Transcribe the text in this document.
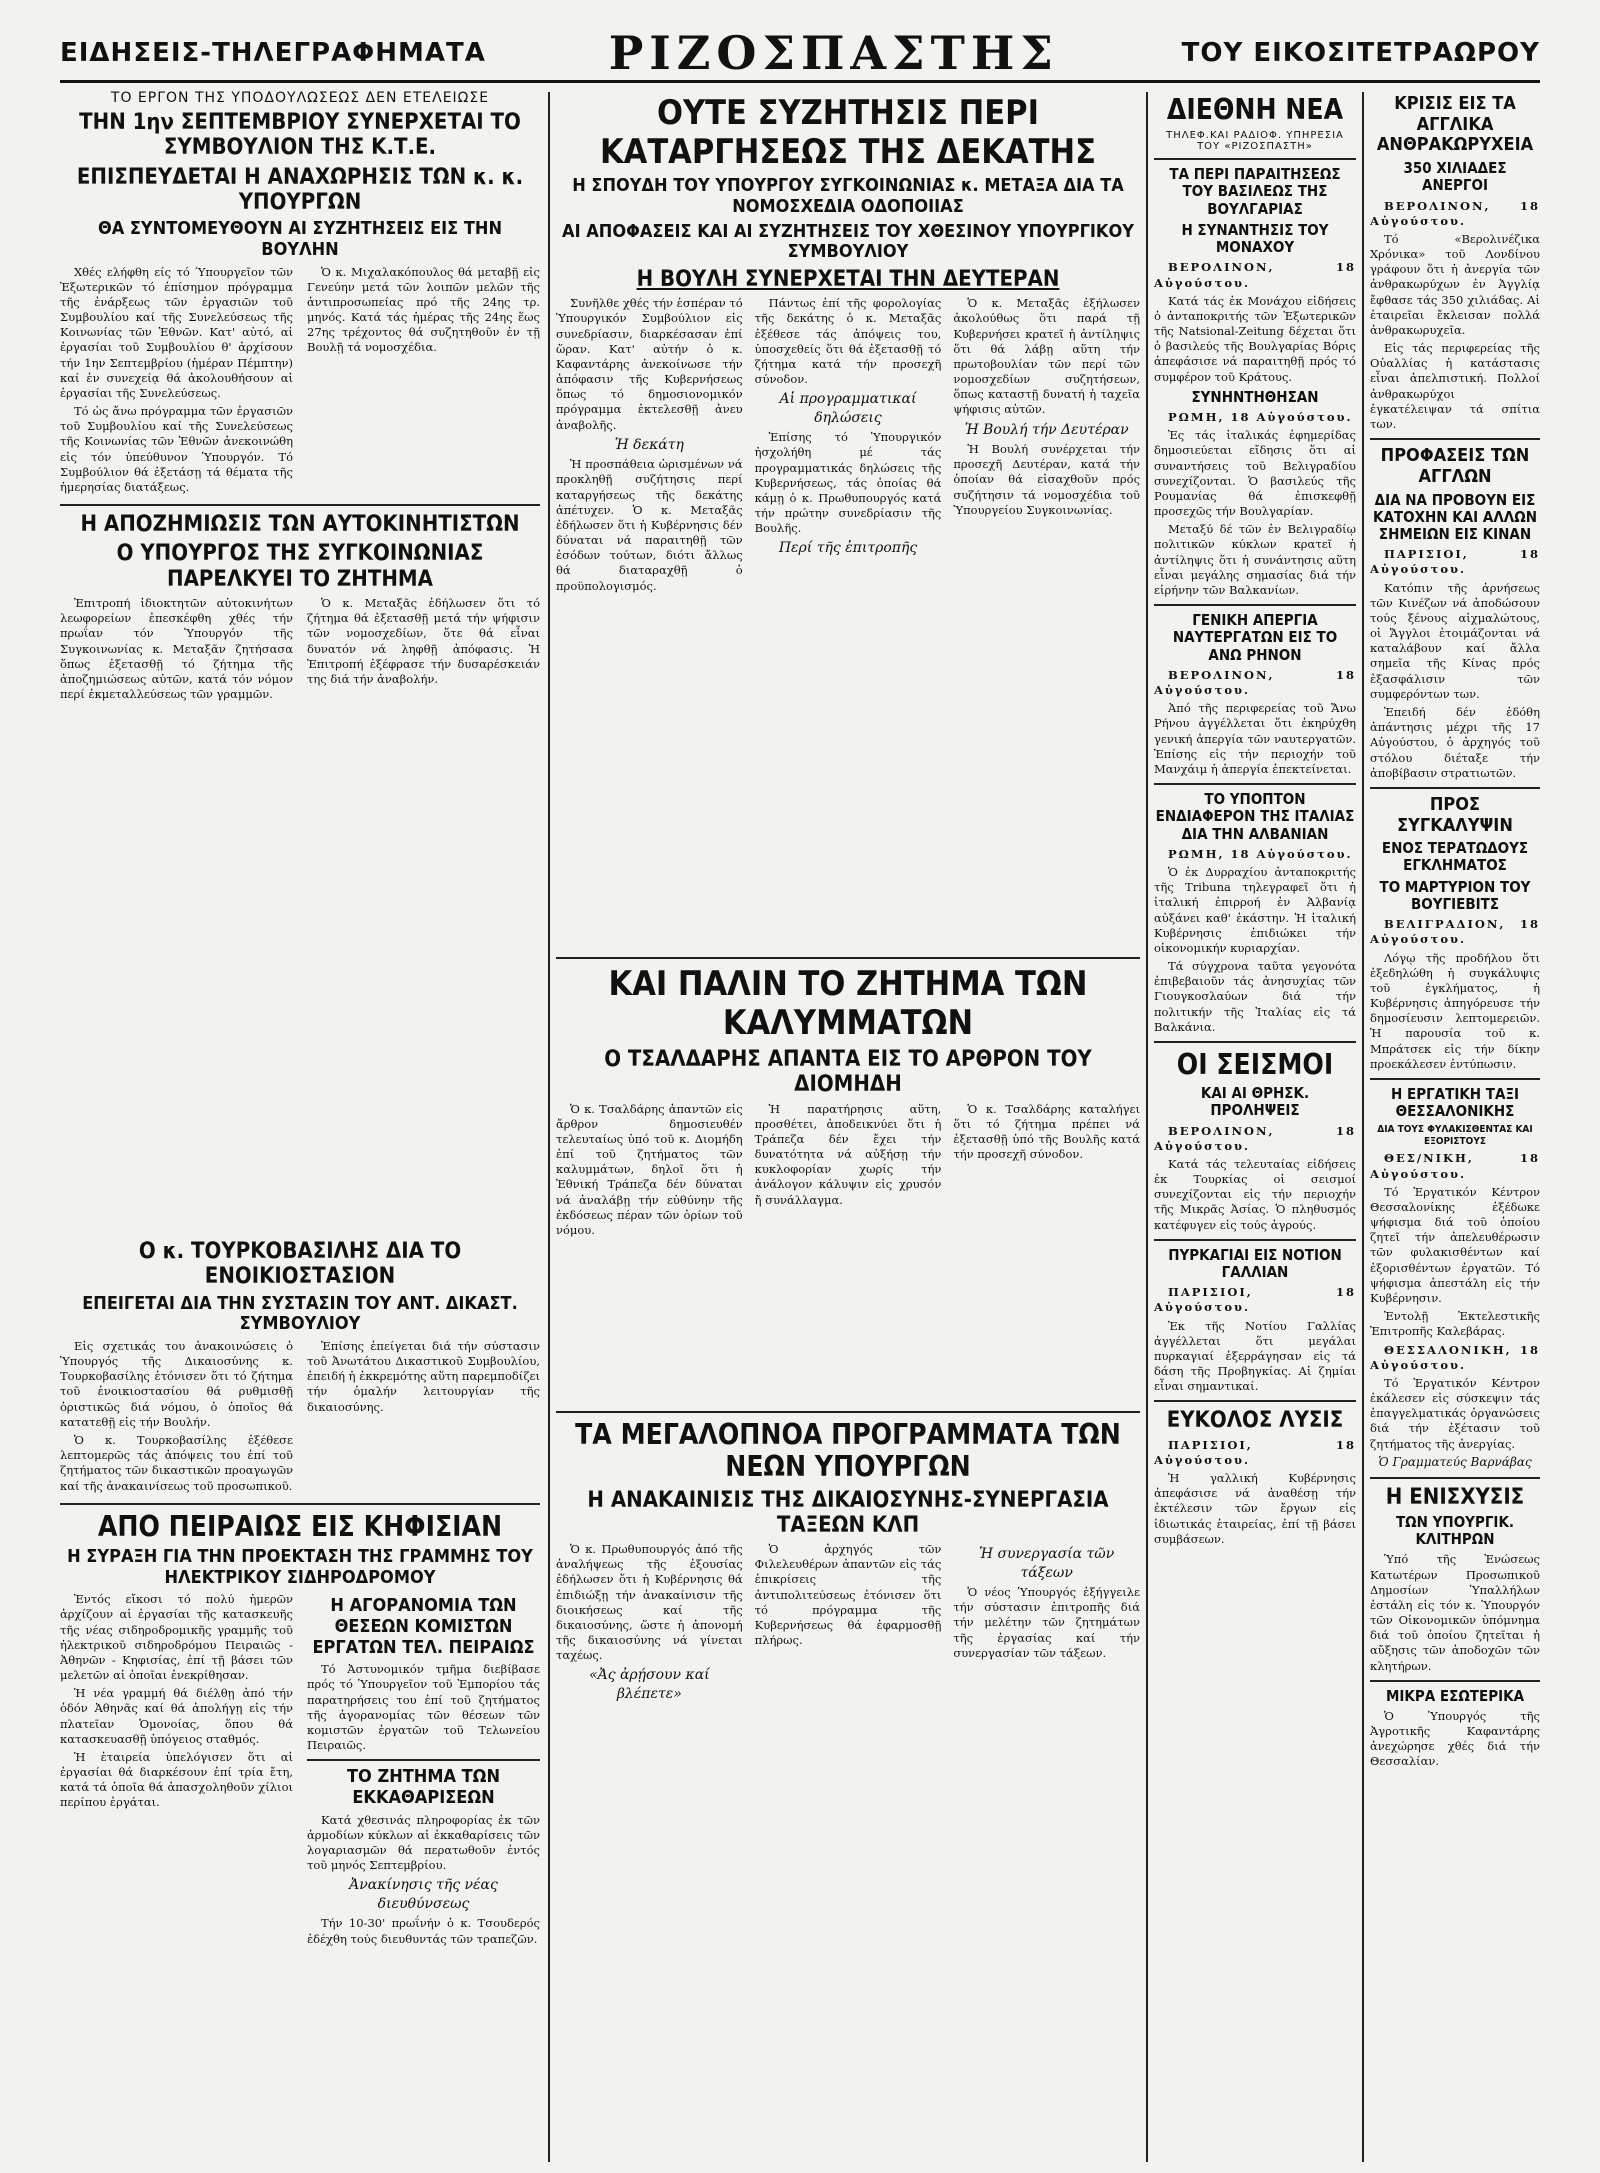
ΕΙΔΗΣΕΙΣ-ΤΗΛΕΓΡΑΦΗΜΑΤΑ	ΡΙΖΟΣΠΑΣΤΗΣ	ΤΟΥ ΕΙΚΟΣΙΤΕΤΡΑΩΡΟΥ
ΤΟ ΕΡΓΟΝ ΤΗΣ ΥΠΟΔΟΥΛΩΣΕΩΣ ΔΕΝ ΕΤΕΛΕΙΩΣΕ
ΤΗΝ 1ην ΣΕΠΤΕΜΒΡΙΟΥ ΣΥΝΕΡΧΕΤΑΙ ΤΟ ΣΥΜΒΟΥΛΙΟΝ ΤΗΣ Κ.Τ.Ε.
ΕΠΙΣΠΕΥΔΕΤΑΙ Η ΑΝΑΧΩΡΗΣΙΣ ΤΩΝ κ. κ. ΥΠΟΥΡΓΩΝ
ΘΑ ΣΥΝΤΟΜΕΥΘΟΥΝ ΑΙ ΣΥΖΗΤΗΣΕΙΣ ΕΙΣ ΤΗΝ ΒΟΥΛΗΝ

Χθές ελήφθη είς τό Ύπουργεῖον τῶν Ἐξωτερικῶν τό ἐπίσημον πρόγραμμα τῆς ἐνάρξεως τῶν ἐργασιῶν τοῦ Συμβουλίου καί τῆς Συνελεύσεως τῆς Κοινωνίας τῶν Ἐθνῶν. Κατ' αὐτό, αἱ ἐργασίαι τοῦ Συμβουλίου θ' ἀρχίσουν τήν 1ην Σεπτεμβρίου (ἡμέραν Πέμπτην) καί ἐν συνεχείᾳ θά ἀκολουθήσουν αἱ ἐργασίαι τῆς Συνελεύσεως.

Τό ὡς ἄνω πρόγραμμα τῶν ἐργασιῶν τοῦ Συμβουλίου καί τῆς Συνελεύσεως τῆς Κοινωνίας τῶν Ἐθνῶν ἀνεκοινώθη εἰς τόν ὑπεύθυνον Ὑπουργόν. Τό Συμβούλιον θά ἐξετάσῃ τά θέματα τῆς ἡμερησίας διατάξεως.

Ὁ κ. Μιχαλακόπουλος θά μεταβῇ εἰς Γενεύην μετά τῶν λοιπῶν μελῶν τῆς ἀντιπροσωπείας πρό τῆς 24ης τρ. μηνός. Κατά τάς ἡμέρας τῆς 24ης ἕως 27ης τρέχοντος θά συζητηθοῦν ἐν τῇ Βουλῇ τά νομοσχέδια.

Η ΑΠΟΖΗΜΙΩΣΙΣ ΤΩΝ ΑΥΤΟΚΙΝΗΤΙΣΤΩΝ
Ο ΥΠΟΥΡΓΟΣ ΤΗΣ ΣΥΓΚΟΙΝΩΝΙΑΣ ΠΑΡΕΛΚΥΕΙ ΤΟ ΖΗΤΗΜΑ

Ἐπιτροπή ἰδιοκτητῶν αὐτοκινήτων λεωφορείων ἐπεσκέφθη χθές τήν πρωΐαν τόν Ὑπουργόν τῆς Συγκοινωνίας κ. Μεταξᾶν ζητήσασα ὅπως ἐξετασθῇ τό ζήτημα τῆς ἀποζημιώσεως αὐτῶν, κατά τόν νόμον περί ἐκμεταλλεύσεως τῶν γραμμῶν.

Ὁ κ. Μεταξᾶς ἐδήλωσεν ὅτι τό ζήτημα θά ἐξετασθῇ μετά τήν ψήφισιν τῶν νομοσχεδίων, ὅτε θά εἶναι δυνατόν νά ληφθῇ ἀπόφασις. Ἡ Ἐπιτροπή ἐξέφρασε τήν δυσαρέσκειάν της διά τήν ἀναβολήν.

Ο κ. ΤΟΥΡΚΟΒΑΣΙΛΗΣ ΔΙΑ ΤΟ ΕΝΟΙΚΙΟΣΤΑΣΙΟΝ
ΕΠΕΙΓΕΤΑΙ ΔΙΑ ΤΗΝ ΣΥΣΤΑΣΙΝ ΤΟΥ ΑΝΤ. ΔΙΚΑΣΤ. ΣΥΜΒΟΥΛΙΟΥ

Εἰς σχετικάς του ἀνακοινώσεις ὁ Ὑπουργός τῆς Δικαιοσύνης κ. Τουρκοβασίλης ἐτόνισεν ὅτι τό ζήτημα τοῦ ἐνοικιοστασίου θά ρυθμισθῇ ὁριστικῶς διά νόμου, ὁ ὁποῖος θά κατατεθῇ εἰς τήν Βουλήν.

Ὁ κ. Τουρκοβασίλης ἐξέθεσε λεπτομερῶς τάς ἀπόψεις του ἐπί τοῦ ζητήματος τῶν δικαστικῶν προαγωγῶν καί τῆς ἀνακαινίσεως τοῦ προσωπικοῦ.

Ἐπίσης ἐπείγεται διά τήν σύστασιν τοῦ Ἀνωτάτου Δικαστικοῦ Συμβουλίου, ἐπειδή ἡ ἐκκρεμότης αὕτη παρεμποδίζει τήν ὁμαλήν λειτουργίαν τῆς δικαιοσύνης.

ΑΠΟ ΠΕΙΡΑΙΩΣ ΕΙΣ ΚΗΦΙΣΙΑΝ
Η ΣΥΡΑΞΗ ΓΙΑ ΤΗΝ ΠΡΟΕΚΤΑΣΗ ΤΗΣ ΓΡΑΜΜΗΣ ΤΟΥ ΗΛΕΚΤΡΙΚΟΥ ΣΙΔΗΡΟΔΡΟΜΟΥ

Ἐντός εἴκοσι τό πολύ ἡμερῶν ἀρχίζουν αἱ ἐργασίαι τῆς κατασκευῆς τῆς νέας σιδηροδρομικῆς γραμμῆς τοῦ ἠλεκτρικοῦ σιδηροδρόμου Πειραιῶς - Ἀθηνῶν - Κηφισίας, ἐπί τῇ βάσει τῶν μελετῶν αἱ ὁποῖαι ἐνεκρίθησαν.

Ἡ νέα γραμμή θά διέλθῃ ἀπό τήν ὁδόν Ἀθηνᾶς καί θά ἀπολήγῃ εἰς τήν πλατεῖαν Ὁμονοίας, ὅπου θά κατασκευασθῇ ὑπόγειος σταθμός.

Ἡ ἑταιρεία ὑπελόγισεν ὅτι αἱ ἐργασίαι θά διαρκέσουν ἐπί τρία ἔτη, κατά τά ὁποῖα θά ἀπασχοληθοῦν χίλιοι περίπου ἐργάται.

Η ΑΓΟΡΑΝΟΜΙΑ ΤΩΝ ΘΕΣΕΩΝ ΚΟΜΙΣΤΩΝ ΕΡΓΑΤΩΝ ΤΕΛ. ΠΕΙΡΑΙΩΣ

Τό Ἀστυνομικόν τμῆμα διεβίβασε πρός τό Ὑπουργεῖον τοῦ Ἐμπορίου τάς παρατηρήσεις του ἐπί τοῦ ζητήματος τῆς ἀγορανομίας τῶν θέσεων τῶν κομιστῶν ἐργατῶν τοῦ Τελωνείου Πειραιῶς.

ΤΟ ΖΗΤΗΜΑ ΤΩΝ ΕΚΚΑΘΑΡΙΣΕΩΝ

Κατά χθεσινάς πληροφορίας ἐκ τῶν ἁρμοδίων κύκλων αἱ ἐκκαθαρίσεις τῶν λογαριασμῶν θά περατωθοῦν ἐντός τοῦ μηνός Σεπτεμβρίου.

Ἀνακίνησις τῆς νέας διευθύνσεως

Τήν 10-30' πρωΐνήν ὁ κ. Τσουδερός ἐδέχθη τούς διευθυντάς τῶν τραπεζῶν.

ΟΥΤΕ ΣΥΖΗΤΗΣΙΣ ΠΕΡΙ ΚΑΤΑΡΓΗΣΕΩΣ ΤΗΣ ΔΕΚΑΤΗΣ
Η ΣΠΟΥΔΗ ΤΟΥ ΥΠΟΥΡΓΟΥ ΣΥΓΚΟΙΝΩΝΙΑΣ κ. ΜΕΤΑΞΑ ΔΙΑ ΤΑ ΝΟΜΟΣΧΕΔΙΑ ΟΔΟΠΟΙΙΑΣ
ΑΙ ΑΠΟΦΑΣΕΙΣ ΚΑΙ ΑΙ ΣΥΖΗΤΗΣΕΙΣ ΤΟΥ ΧΘΕΣΙΝΟΥ ΥΠΟΥΡΓΙΚΟΥ ΣΥΜΒΟΥΛΙΟΥ
Η ΒΟΥΛΗ ΣΥΝΕΡΧΕΤΑΙ ΤΗΝ ΔΕΥΤΕΡΑΝ

Συνῆλθε χθές τήν ἑσπέραν τό Ὑπουργικόν Συμβούλιον εἰς συνεδρίασιν, διαρκέσασαν ἐπί ὥραν. Κατ' αὐτήν ὁ κ. Καφαντάρης ἀνεκοίνωσε τήν ἀπόφασιν τῆς Κυβερνήσεως ὅπως τό δημοσιονομικόν πρόγραμμα ἐκτελεσθῇ ἀνευ ἀναβολῆς.

Ἡ δεκάτη

Ἡ προσπάθεια ὡρισμένων νά προκληθῇ συζήτησις περί καταργήσεως τῆς δεκάτης ἀπέτυχεν. Ὁ κ. Μεταξᾶς ἐδήλωσεν ὅτι ἡ Κυβέρνησις δέν δύναται νά παραιτηθῇ τῶν ἐσόδων τούτων, διότι ἄλλως θά διαταραχθῇ ὁ προϋπολογισμός.

Πάντως ἐπί τῆς φορολογίας τῆς δεκάτης ὁ κ. Μεταξᾶς ἐξέθεσε τάς ἀπόψεις του, ὑποσχεθείς ὅτι θά ἐξετασθῇ τό ζήτημα κατά τήν προσεχῆ σύνοδον.

Αἱ προγραμματικαί δηλώσεις

Ἐπίσης τό Ὑπουργικόν ἠσχολήθη μέ τάς προγραμματικάς δηλώσεις τῆς Κυβερνήσεως, τάς ὁποίας θά κάμῃ ὁ κ. Πρωθυπουργός κατά τήν πρώτην συνεδρίασιν τῆς Βουλῆς.

Περί τῆς ἐπιτροπῆς

Ὁ κ. Μεταξᾶς ἐξήλωσεν ἀκολούθως ὅτι παρά τῇ Κυβερνήσει κρατεῖ ἡ ἀντίληψις ὅτι θά λάβῃ αὕτη τήν πρωτοβουλίαν τῶν περί τῶν νομοσχεδίων συζητήσεων, ὅπως καταστῇ δυνατή ἡ ταχεῖα ψήφισις αὐτῶν.

Ἡ Βουλή τήν Δευτέραν

Ἡ Βουλή συνέρχεται τήν προσεχῆ Δευτέραν, κατά τήν ὁποίαν θά εἰσαχθοῦν πρός συζήτησιν τά νομοσχέδια τοῦ Ὑπουργείου Συγκοινωνίας.

ΚΑΙ ΠΑΛΙΝ ΤΟ ΖΗΤΗΜΑ ΤΩΝ ΚΑΛΥΜΜΑΤΩΝ
Ο ΤΣΑΛΔΑΡΗΣ ΑΠΑΝΤΑ ΕΙΣ ΤΟ ΑΡΘΡΟΝ ΤΟΥ ΔΙΟΜΗΔΗ

Ὁ κ. Τσαλδάρης ἀπαντῶν εἰς ἄρθρον δημοσιευθέν τελευταίως ὑπό τοῦ κ. Διομήδη ἐπί τοῦ ζητήματος τῶν καλυμμάτων, δηλοῖ ὅτι ἡ Ἐθνική Τράπεζα δέν δύναται νά ἀναλάβῃ τήν εὐθύνην τῆς ἐκδόσεως πέραν τῶν ὁρίων τοῦ νόμου.

Ἡ παρατήρησις αὕτη, προσθέτει, ἀποδεικνύει ὅτι ἡ Τράπεζα δέν ἔχει τήν δυνατότητα νά αὐξήσῃ τήν κυκλοφορίαν χωρίς τήν ἀνάλογον κάλυψιν εἰς χρυσόν ἤ συνάλλαγμα.

Ὁ κ. Τσαλδάρης καταλήγει ὅτι τό ζήτημα πρέπει νά ἐξετασθῇ ὑπό τῆς Βουλῆς κατά τήν προσεχῆ σύνοδον.

ΤΑ ΜΕΓΑΛΟΠΝΟΑ ΠΡΟΓΡΑΜΜΑΤΑ ΤΩΝ ΝΕΩΝ ΥΠΟΥΡΓΩΝ
Η ΑΝΑΚΑΙΝΙΣΙΣ ΤΗΣ ΔΙΚΑΙΟΣΥΝΗΣ-ΣΥΝΕΡΓΑΣΙΑ ΤΑΞΕΩΝ ΚΛΠ

Ὁ κ. Πρωθυπουργός ἀπό τῆς ἀναλήψεως τῆς ἐξουσίας ἐδήλωσεν ὅτι ἡ Κυβέρνησις θά ἐπιδιώξῃ τήν ἀνακαίνισιν τῆς διοικήσεως καί τῆς δικαιοσύνης, ὥστε ἡ ἀπονομή τῆς δικαιοσύνης νά γίνεται ταχέως.

«Ἀς ἀρῄσουν καί βλέπετε»

Ὁ ἀρχηγός τῶν Φιλελευθέρων ἀπαντῶν εἰς τάς ἐπικρίσεις τῆς ἀντιπολιτεύσεως ἐτόνισεν ὅτι τό πρόγραμμα τῆς Κυβερνήσεως θά ἐφαρμοσθῇ πλήρως.

Ἡ συνεργασία τῶν τάξεων

Ὁ νέος Ὑπουργός ἐξήγγειλε τήν σύστασιν ἐπιτροπῆς διά τήν μελέτην τῶν ζητημάτων τῆς ἐργασίας καί τήν συνεργασίαν τῶν τάξεων.

ΔΙΕΘΝΗ ΝΕΑ
ΤΗΛΕΦ.ΚΑΙ ΡΑΔΙΟΦ. ΥΠΗΡΕΣΙΑ ΤΟΥ «ΡΙΖΟΣΠΑΣΤΗ»
ΤΑ ΠΕΡΙ ΠΑΡΑΙΤΗΣΕΩΣ ΤΟΥ ΒΑΣΙΛΕΩΣ ΤΗΣ ΒΟΥΛΓΑΡΙΑΣ
Η ΣΥΝΑΝΤΗΣΙΣ ΤΟΥ ΜΟΝΑΧΟΥ

ΒΕΡΟΛΙΝΟΝ, 18 Αὐγούστου.

Κατά τάς ἐκ Μονάχου εἰδήσεις ὁ ἀνταποκριτής τῶν Ἐξωτερικῶν τῆς Natsional-Zeitung δέχεται ὅτι ὁ βασιλεύς τῆς Βουλγαρίας Βόρις ἀπεφάσισε νά παραιτηθῇ πρός τό συμφέρον τοῦ Κράτους.

ΣΥΝΗΝΤΗΘΗΣΑΝ

ΡΩΜΗ, 18 Αὐγούστου.

Ἐς τάς ἰταλικάς ἐφημερίδας δημοσιεύεται εἴδησις ὅτι αἱ συναντήσεις τοῦ Βελιγραδίου συνεχίζονται. Ὁ βασιλεύς τῆς Ρουμανίας θά ἐπισκεφθῇ προσεχῶς τήν Βουλγαρίαν.

Μεταξύ δέ τῶν ἐν Βελιγραδίῳ πολιτικῶν κύκλων κρατεῖ ἡ ἀντίληψις ὅτι ἡ συνάντησις αὕτη εἶναι μεγάλης σημασίας διά τήν εἰρήνην τῶν Βαλκανίων.

ΓΕΝΙΚΗ ΑΠΕΡΓΙΑ ΝΑΥΤΕΡΓΑΤΩΝ ΕΙΣ ΤΟ ΑΝΩ ΡΗΝΟΝ

ΒΕΡΟΛΙΝΟΝ, 18 Αὐγούστου.

Ἀπό τῆς περιφερείας τοῦ Ἄνω Ρήνου ἀγγέλλεται ὅτι ἐκηρύχθη γενική ἀπεργία τῶν ναυτεργατῶν. Ἐπίσης εἰς τήν περιοχήν τοῦ Μανχάιμ ἡ ἀπεργία ἐπεκτείνεται.

ΤΟ ΥΠΟΠΤΟΝ ΕΝΔΙΑΦΕΡΟΝ ΤΗΣ ΙΤΑΛΙΑΣ ΔΙΑ ΤΗΝ ΑΛΒΑΝΙΑΝ

ΡΩΜΗ, 18 Αὐγούστου.

Ὁ ἐκ Δυρραχίου ἀνταποκριτής τῆς Tribuna τηλεγραφεῖ ὅτι ἡ ἰταλική ἐπιρροή ἐν Ἀλβανίᾳ αὐξάνει καθ' ἑκάστην. Ἡ ἰταλική Κυβέρνησις ἐπιδιώκει τήν οἰκονομικήν κυριαρχίαν.

Τά σύγχρονα ταῦτα γεγονότα ἐπιβεβαιοῦν τάς ἀνησυχίας τῶν Γιουγκοσλαύων διά τήν πολιτικήν τῆς Ἰταλίας εἰς τά Βαλκάνια.

ΟΙ ΣΕΙΣΜΟΙ
ΚΑΙ ΑΙ ΘΡΗΣΚ. ΠΡΟΛΗΨΕΙΣ

ΒΕΡΟΛΙΝΟΝ, 18 Αὐγούστου.

Κατά τάς τελευταίας εἰδήσεις ἐκ Τουρκίας οἱ σεισμοί συνεχίζονται εἰς τήν περιοχήν τῆς Μικρᾶς Ἀσίας. Ὁ πληθυσμός κατέφυγεν εἰς τούς ἀγρούς.

ΠΥΡΚΑΓΙΑΙ ΕΙΣ ΝΟΤΙΟΝ ΓΑΛΛΙΑΝ

ΠΑΡΙΣΙΟΙ, 18 Αὐγούστου.

Ἐκ τῆς Νοτίου Γαλλίας ἀγγέλλεται ὅτι μεγάλαι πυρκαγιαί ἐξερράγησαν εἰς τά δάση τῆς Προβηγκίας. Αἱ ζημίαι εἶναι σημαντικαί.

ΕΥΚΟΛΟΣ ΛΥΣΙΣ

ΠΑΡΙΣΙΟΙ, 18 Αὐγούστου.

Ἡ γαλλική Κυβέρνησις ἀπεφάσισε νά ἀναθέσῃ τήν ἐκτέλεσιν τῶν ἔργων εἰς ἰδιωτικάς ἑταιρείας, ἐπί τῇ βάσει συμβάσεων.

ΚΡΙΣΙΣ ΕΙΣ ΤΑ ΑΓΓΛΙΚΑ ΑΝΘΡΑΚΩΡΥΧΕΙΑ
350 ΧΙΛΙΑΔΕΣ ΑΝΕΡΓΟΙ

ΒΕΡΟΛΙΝΟΝ, 18 Αὐγούστου.

Τό «Βερολινέζικα Χρόνικα» τοῦ Λονδίνου γράφουν ὅτι ἡ ἀνεργία τῶν ἀνθρακωρύχων ἐν Ἀγγλίᾳ ἔφθασε τάς 350 χιλιάδας. Αἱ ἑταιρεῖαι ἔκλεισαν πολλά ἀνθρακωρυχεῖα.

Εἰς τάς περιφερείας τῆς Οὐαλλίας ἡ κατάστασις εἶναι ἀπελπιστική. Πολλοί ἀνθρακωρύχοι ἐγκατέλειψαν τά σπίτια των.

ΠΡΟΦΑΣΕΙΣ ΤΩΝ ΑΓΓΛΩΝ
ΔΙΑ ΝΑ ΠΡΟΒΟΥΝ ΕΙΣ ΚΑΤΟΧΗΝ ΚΑΙ ΑΛΛΩΝ ΣΗΜΕΙΩΝ ΕΙΣ ΚΙΝΑΝ

ΠΑΡΙΣΙΟΙ, 18 Αὐγούστου.

Κατόπιν τῆς ἀρνήσεως τῶν Κινέζων νά ἀποδώσουν τούς ξένους αἰχμαλώτους, οἱ Ἄγγλοι ἐτοιμάζονται νά καταλάβουν καί ἄλλα σημεῖα τῆς Κίνας πρός ἐξασφάλισιν τῶν συμφερόντων των.

Ἐπειδή δέν ἐδόθη ἀπάντησις μέχρι τῆς 17 Αὐγούστου, ὁ ἀρχηγός τοῦ στόλου διέταξε τήν ἀποβίβασιν στρατιωτῶν.

ΠΡΟΣ ΣΥΓΚΑΛΥΨΙΝ
ΕΝΟΣ ΤΕΡΑΤΩΔΟΥΣ ΕΓΚΛΗΜΑΤΟΣ
ΤΟ ΜΑΡΤΥΡΙΟΝ ΤΟΥ ΒΟΥΓΙΕΒΙΤΣ

ΒΕΛΙΓΡΑΔΙΟΝ, 18 Αὐγούστου.

Λόγῳ τῆς προδήλου ὅτι ἐξεδηλώθη ἡ συγκάλυψις τοῦ ἐγκλήματος, ἡ Κυβέρνησις ἀπηγόρευσε τήν δημοσίευσιν λεπτομερειῶν. Ἡ παρουσία τοῦ κ. Μπράτσεκ εἰς τήν δίκην προεκάλεσεν ἐντύπωσιν.

Η ΕΡΓΑΤΙΚΗ ΤΑΞΙ ΘΕΣΣΑΛΟΝΙΚΗΣ
ΔΙΑ ΤΟΥΣ ΦΥΛΑΚΙΣΘΕΝΤΑΣ ΚΑΙ ΕΞΟΡΙΣΤΟΥΣ

ΘΕΣ/ΝΙΚΗ, 18 Αὐγούστου.

Τό Ἐργατικόν Κέντρον Θεσσαλονίκης ἐξέδωκε ψήφισμα διά τοῦ ὁποίου ζητεῖ τήν ἀπελευθέρωσιν τῶν φυλακισθέντων καί ἐξορισθέντων ἐργατῶν. Τό ψήφισμα ἀπεστάλη εἰς τήν Κυβέρνησιν.

Ἐντολῇ Ἐκτελεστικῆς Ἐπιτροπῆς Καλεβάρας.

ΘΕΣΣΑΛΟΝΙΚΗ, 18 Αὐγούστου.

Τό Ἐργατικόν Κέντρον ἐκάλεσεν εἰς σύσκεψιν τάς ἐπαγγελματικάς ὀργανώσεις διά τήν ἐξέτασιν τοῦ ζητήματος τῆς ἀνεργίας.

Ὁ Γραμματεύς Βαρνάβας
Η ΕΝΙΣΧΥΣΙΣ
ΤΩΝ ΥΠΟΥΡΓΙΚ. ΚΛΙΤΗΡΩΝ

Ὑπό τῆς Ἑνώσεως Κατωτέρων Προσωπικοῦ Δημοσίων Ὑπαλλήλων ἐστάλη εἰς τόν κ. Ὑπουργόν τῶν Οἰκονομικῶν ὑπόμνημα διά τοῦ ὁποίου ζητεῖται ἡ αὔξησις τῶν ἀποδοχῶν τῶν κλητήρων.

ΜΙΚΡΑ ΕΣΩΤΕΡΙΚΑ

Ὁ Ὑπουργός τῆς Ἀγροτικῆς Καφαντάρης ἀνεχώρησε χθές διά τήν Θεσσαλίαν.
